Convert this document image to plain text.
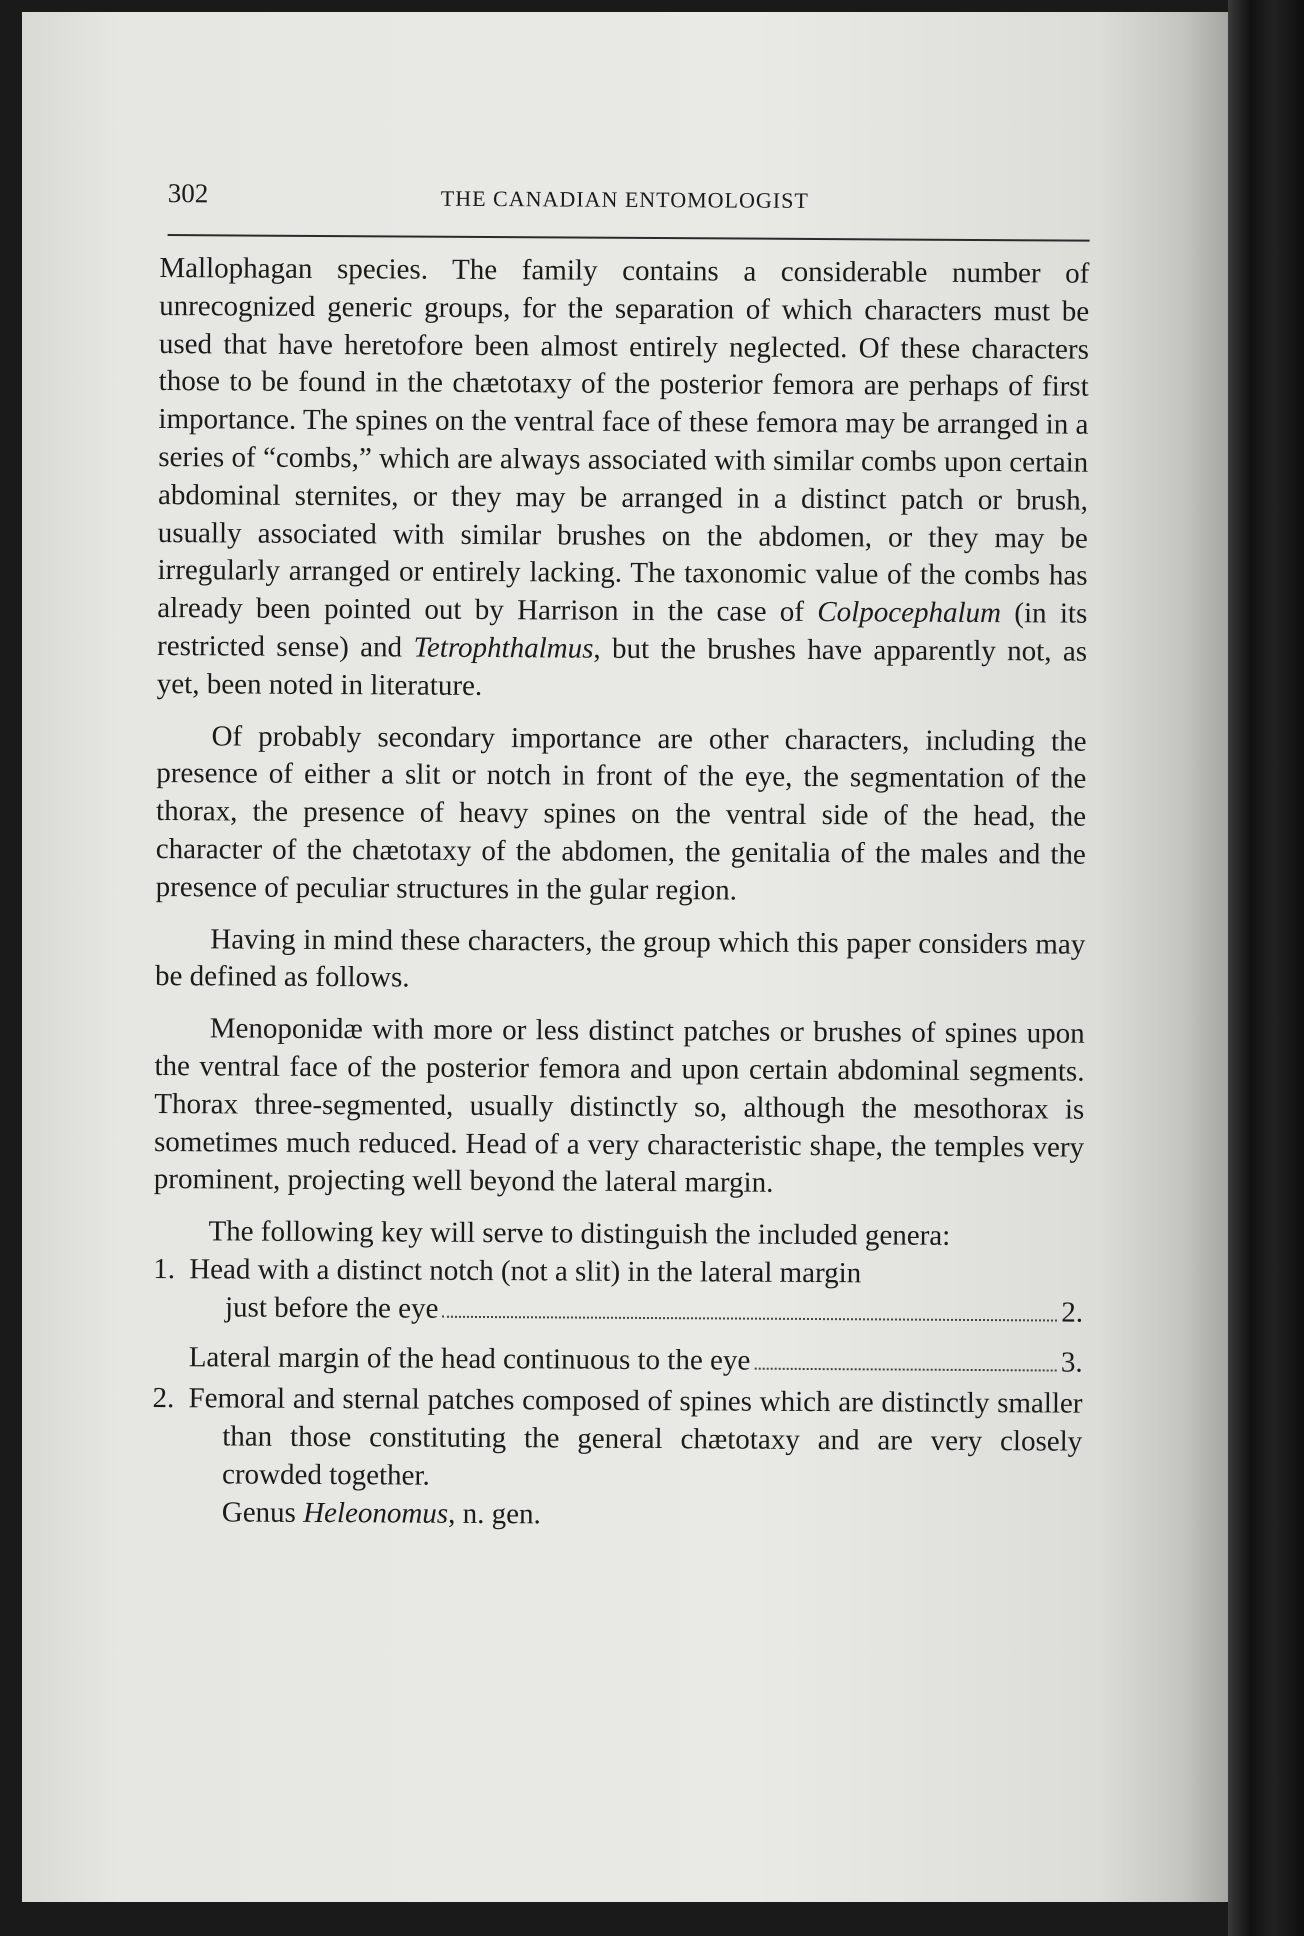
302	THE CANADIAN ENTOMOLOGIST

Mallophagan species. The family contains a considerable number of unrecognized generic groups, for the separation of which characters must be used that have heretofore been almost entirely neglected. Of these characters those to be found in the chætotaxy of the posterior femora are perhaps of first importance. The spines on the ventral face of these femora may be arranged in a series of “combs,” which are always associated with similar combs upon certain abdominal sternites, or they may be arranged in a distinct patch or brush, usually associated with similar brushes on the abdomen, or they may be irregularly arranged or entirely lacking. The taxonomic value of the combs has already been pointed out by Harrison in the case of Colpocephalum (in its restricted sense) and Tetrophthalmus, but the brushes have apparently not, as yet, been noted in literature.

Of probably secondary importance are other characters, including the presence of either a slit or notch in front of the eye, the segmentation of the thorax, the presence of heavy spines on the ventral side of the head, the character of the chætotaxy of the abdomen, the genitalia of the males and the presence of peculiar structures in the gular region.

Having in mind these characters, the group which this paper considers may be defined as follows.

Menoponidæ with more or less distinct patches or brushes of spines upon the ventral face of the posterior femora and upon certain abdominal segments. Thorax three-segmented, usually distinctly so, although the mesothorax is sometimes much reduced. Head of a very characteristic shape, the temples very prominent, projecting well beyond the lateral margin.

The following key will serve to distinguish the included genera:

1. Head with a distinct notch (not a slit) in the lateral margin
just before the eye	2.
Lateral margin of the head continuous to the eye	3.
2. Femoral and sternal patches composed of spines which are distinctly smaller than those constituting the general chætotaxy and are very closely crowded together.
Genus Heleonomus, n. gen.
